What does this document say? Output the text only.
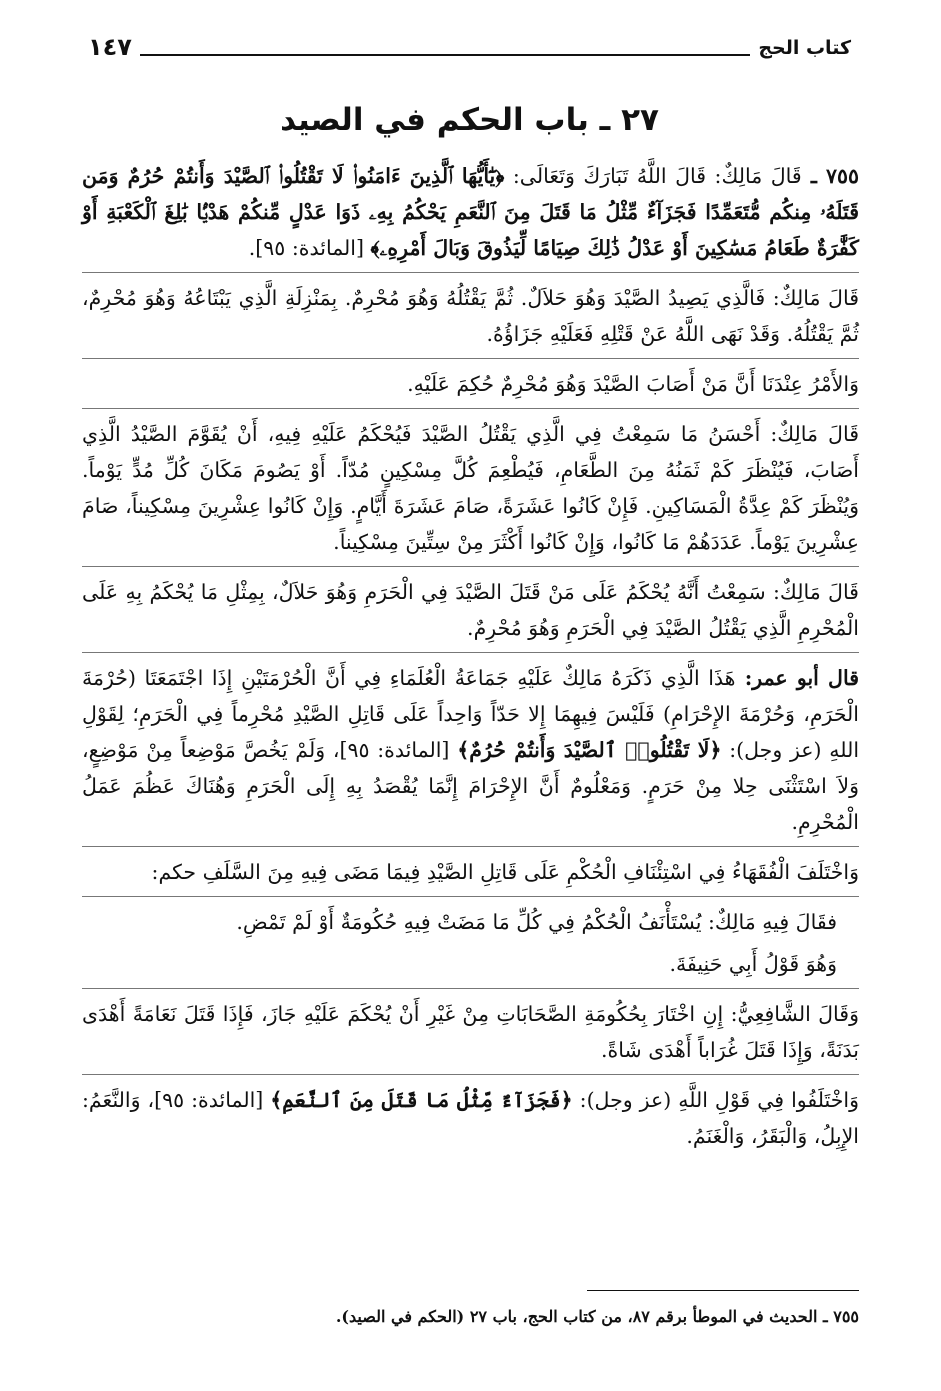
كتاب الحج
١٤٧
٢٧ ـ باب الحكم في الصيد

٧٥٥ ـ قَالَ مَالِكٌ: قَالَ اللَّهُ تَبَارَكَ وَتَعَالَى: ﴿يَٰٓأَيُّهَا ٱلَّذِينَ ءَامَنُوا۟ لَا تَقْتُلُوا۟ ٱلصَّيْدَ وَأَنتُمْ حُرُمٌ وَمَن قَتَلَهُۥ مِنكُم مُّتَعَمِّدًا فَجَزَآءٌ مِّثْلُ مَا قَتَلَ مِنَ ٱلنَّعَمِ يَحْكُمُ بِهِۦ ذَوَا عَدْلٍ مِّنكُمْ هَدْيًۢا بَٰلِغَ ٱلْكَعْبَةِ أَوْ كَفَّٰرَةٌ طَعَامُ مَسَٰكِينَ أَوْ عَدْلُ ذَٰلِكَ صِيَامًا لِّيَذُوقَ وَبَالَ أَمْرِهِۦ﴾ [المائدة: ٩٥].

قَالَ مَالِكٌ: فَالَّذِي يَصِيدُ الصَّيْدَ وَهُوَ حَلاَلٌ. ثُمَّ يَقْتُلُهُ وَهُوَ مُحْرِمٌ. بِمَنْزِلَةِ الَّذِي يَبْتَاعُهُ وَهُوَ مُحْرِمٌ، ثُمَّ يَقْتُلُهُ. وَقَدْ نَهَى اللَّهُ عَنْ قَتْلِهِ فَعَلَيْهِ جَزَاؤُهُ.

وَالأَمْرُ عِنْدَنَا أَنَّ مَنْ أَصَابَ الصَّيْدَ وَهُوَ مُحْرِمٌ حُكِمَ عَلَيْهِ.

قَالَ مَالِكٌ: أَحْسَنُ مَا سَمِعْتُ فِي الَّذِي يَقْتُلُ الصَّيْدَ فَيُحْكَمُ عَلَيْهِ فِيهِ، أَنْ يُقَوَّمَ الصَّيْدُ الَّذِي أَصَابَ، فَيُنْظَرَ كَمْ ثَمَنُهُ مِنَ الطَّعَامِ، فَيُطْعِمَ كُلَّ مِسْكِينٍ مُدّاً. أَوْ يَصُومَ مَكَانَ كُلِّ مُدٍّ يَوْماً. وَيُنْظَرَ كَمْ عِدَّةُ الْمَسَاكِينِ. فَإِنْ كَانُوا عَشَرَةً، صَامَ عَشَرَةَ أَيَّامٍ. وَإِنْ كَانُوا عِشْرِينَ مِسْكِيناً، صَامَ عِشْرِينَ يَوْماً. عَدَدَهُمْ مَا كَانُوا، وَإِنْ كَانُوا أَكْثَرَ مِنْ سِتِّينَ مِسْكِيناً.

قَالَ مَالِكٌ: سَمِعْتُ أَنَّهُ يُحْكَمُ عَلَى مَنْ قَتَلَ الصَّيْدَ فِي الْحَرَمِ وَهُوَ حَلاَلٌ، بِمِثْلِ مَا يُحْكَمُ بِهِ عَلَى الْمُحْرِمِ الَّذِي يَقْتُلُ الصَّيْدَ فِي الْحَرَمِ وَهُوَ مُحْرِمٌ.

قال أبو عمر: هَذَا الَّذِي ذَكَرَهُ مَالِكٌ عَلَيْهِ جَمَاعَةُ الْعُلَمَاءِ فِي أَنَّ الْحُرْمَتَيْنِ إِذَا اجْتَمَعَتَا (حُرْمَةَ الْحَرَمِ، وَحُرْمَةَ الإِحْرَامِ) فَلَيْسَ فِيهِمَا إِلا حَدّاً وَاحِداً عَلَى قَاتِلِ الصَّيْدِ مُحْرِماً فِي الْحَرَمِ؛ لِقَوْلِ اللهِ (عز وجل): ﴿لَا تَقْتُلُوا۟ ٱلصَّيْدَ وَأَنتُمْ حُرُمٌ﴾ [المائدة: ٩٥]، وَلَمْ يَخُصَّ مَوْضِعاً مِنْ مَوْضِعٍ، وَلاَ اسْتَثْنَى حِلا مِنْ حَرَمٍ. وَمَعْلُومٌ أَنَّ الإِحْرَامَ إِنَّمَا يُقْصَدُ بِهِ إِلَى الْحَرَمِ وَهُنَاكَ عَظُمَ عَمَلُ الْمُحْرِمِ.

وَاخْتَلَفَ الْفُقَهَاءُ فِي اسْتِئْنَافِ الْحُكْمِ عَلَى قَاتِلِ الصَّيْدِ فِيمَا مَضَى فِيهِ مِنَ السَّلَفِ حكم:

فقَالَ فِيهِ مَالِكٌ: يُسْتَأْنَفُ الْحُكْمُ فِي كُلِّ مَا مَضَتْ فِيهِ حُكُومَةٌ أَوْ لَمْ تَمْضِ.

وَهُوَ قَوْلُ أَبِي حَنِيفَةَ.

وَقَالَ الشَّافِعِيُّ: إِنِ اخْتَارَ بِحُكُومَةِ الصَّحَابَاتِ مِنْ غَيْرِ أَنْ يُحْكَمَ عَلَيْهِ جَازَ، فَإِذَا قَتَلَ نَعَامَةً أَهْدَى بَدَنَةً، وَإِذَا قَتَلَ غُرَاباً أَهْدَى شَاةً.

وَاخْتَلَفُوا فِي قَوْلِ اللَّهِ (عز وجل): ﴿فَجَزَآءٌ مِّثْلُ مَا قَتَلَ مِنَ ٱلنَّعَمِ﴾ [المائدة: ٩٥]، وَالنَّعَمُ: الإِبِلُ، وَالْبَقَرُ، وَالْغَنَمُ.

٧٥٥ ـ الحديث في الموطأ برقم ٨٧، من كتاب الحج، باب ٢٧ (الحكم في الصيد).
